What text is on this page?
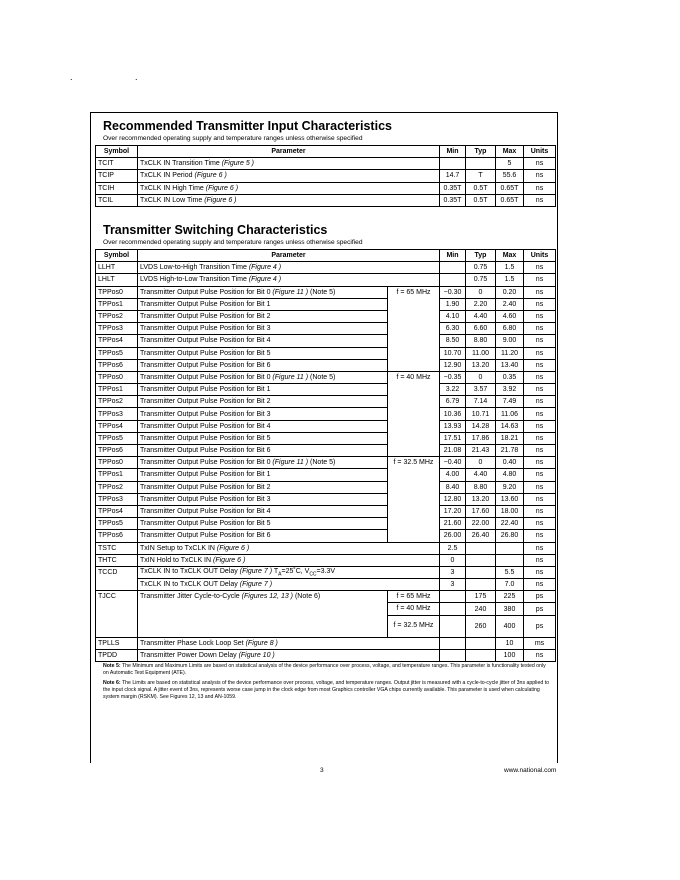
. .
Recommended Transmitter Input Characteristics
Over recommended operating supply and temperature ranges unless otherwise specified
Symbol	Parameter	Min	Typ	Max	Units
TCIT	TxCLK IN Transition Time (Figure 5 )			5	ns
TCIP	TxCLK IN Period (Figure 6 )	14.7	T	55.6	ns
TCIH	TxCLK IN High Time (Figure 6 )	0.35T	0.5T	0.65T	ns
TCIL	TxCLK IN Low Time (Figure 6 )	0.35T	0.5T	0.65T	ns
Transmitter Switching Characteristics
Over recommended operating supply and temperature ranges unless otherwise specified
Symbol	Parameter		Min	Typ	Max	Units
LLHT	LVDS Low-to-High Transition Time (Figure 4 )			0.75	1.5	ns
LHLT	LVDS High-to-Low Transition Time (Figure 4 )			0.75	1.5	ns
TPPos0	Transmitter Output Pulse Position for Bit 0 (Figure 11 ) (Note 5)	f = 65 MHz	−0.30	0	0.20	ns
TPPos1	Transmitter Output Pulse Position for Bit 1		1.90	2.20	2.40	ns
TPPos2	Transmitter Output Pulse Position for Bit 2		4.10	4.40	4.60	ns
TPPos3	Transmitter Output Pulse Position for Bit 3		6.30	6.60	6.80	ns
TPPos4	Transmitter Output Pulse Position for Bit 4		8.50	8.80	9.00	ns
TPPos5	Transmitter Output Pulse Position for Bit 5		10.70	11.00	11.20	ns
TPPos6	Transmitter Output Pulse Position for Bit 6		12.90	13.20	13.40	ns
TPPos0	Transmitter Output Pulse Position for Bit 0 (Figure 11 ) (Note 5)	f = 40 MHz	−0.35	0	0.35	ns
TPPos1	Transmitter Output Pulse Position for Bit 1		3.22	3.57	3.92	ns
TPPos2	Transmitter Output Pulse Position for Bit 2		6.79	7.14	7.49	ns
TPPos3	Transmitter Output Pulse Position for Bit 3		10.36	10.71	11.06	ns
TPPos4	Transmitter Output Pulse Position for Bit 4		13.93	14.28	14.63	ns
TPPos5	Transmitter Output Pulse Position for Bit 5		17.51	17.86	18.21	ns
TPPos6	Transmitter Output Pulse Position for Bit 6		21.08	21.43	21.78	ns
TPPos0	Transmitter Output Pulse Position for Bit 0 (Figure 11 ) (Note 5)	f = 32.5 MHz	−0.40	0	0.40	ns
TPPos1	Transmitter Output Pulse Position for Bit 1		4.00	4.40	4.80	ns
TPPos2	Transmitter Output Pulse Position for Bit 2		8.40	8.80	9.20	ns
TPPos3	Transmitter Output Pulse Position for Bit 3		12.80	13.20	13.60	ns
TPPos4	Transmitter Output Pulse Position for Bit 4		17.20	17.60	18.00	ns
TPPos5	Transmitter Output Pulse Position for Bit 5		21.60	22.00	22.40	ns
TPPos6	Transmitter Output Pulse Position for Bit 6		26.00	26.40	26.80	ns
TSTC	TxIN Setup to TxCLK IN (Figure 6 )		2.5			ns
THTC	TxIN Hold to TxCLK IN (Figure 6 )		0			ns
TCCD	TxCLK IN to TxCLK OUT Delay (Figure 7 ) $T_A=25˚C$, $V_{CC}=3.3V$		3		5.5	ns
	TxCLK IN to TxCLK OUT Delay (Figure 7 )		3		7.0	ns
TJCC	Transmitter Jitter Cycle-to-Cycle (Figures 12, 13 ) (Note 6)	f = 65 MHz		175	225	ps
		f = 40 MHz		240	380	ps
		f = 32.5 MHz		260	400	ps
TPLLS	Transmitter Phase Lock Loop Set (Figure 8 )				10	ms
TPDD	Transmitter Power Down Delay (Figure 10 )				100	ns
Note 5: The Minimum and Maximum Limits are based on statistical analysis of the device performance over process, voltage, and temperature ranges. This parameter is functionality tested only on Automatic Test Equipment (ATE).
Note 6: The Limits are based on statistical analysis of the device performance over process, voltage, and temperature ranges. Output jitter is measured with a cycle-to-cycle jitter of 3ns applied to the input clock signal. A jitter event of 3ns, represents worse case jump in the clock edge from most Graphics controller VGA chips currently available. This parameter is used when calculating system margin (RSKM). See Figures 12, 13 and AN-1059.
3	www.national.com
